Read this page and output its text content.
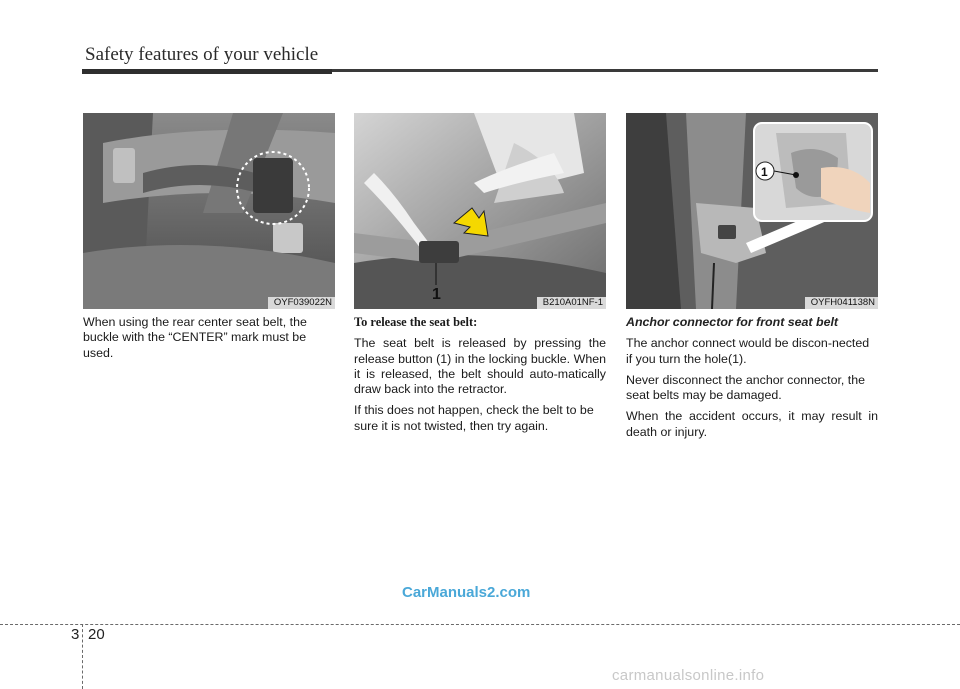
Safety features of your vehicle
OYF039022N

When using the rear center seat belt, the buckle with the “CENTER” mark must be used.

1	B210A01NF-1

To release the seat belt:

The seat belt is released by pressing the release button (1) in the locking buckle. When it is released, the belt should auto-matically draw back into the retractor.

If this does not happen, check the belt to be sure it is not twisted, then try again.

1
OYFH041138N

Anchor connector for front seat belt

The anchor connect would be discon-nected if you turn the hole(1).

Never disconnect the anchor connector, the seat belts may be damaged.

When the accident occurs, it may result in death or injury.

CarManuals2.com
3 20
carmanualsonline.info
